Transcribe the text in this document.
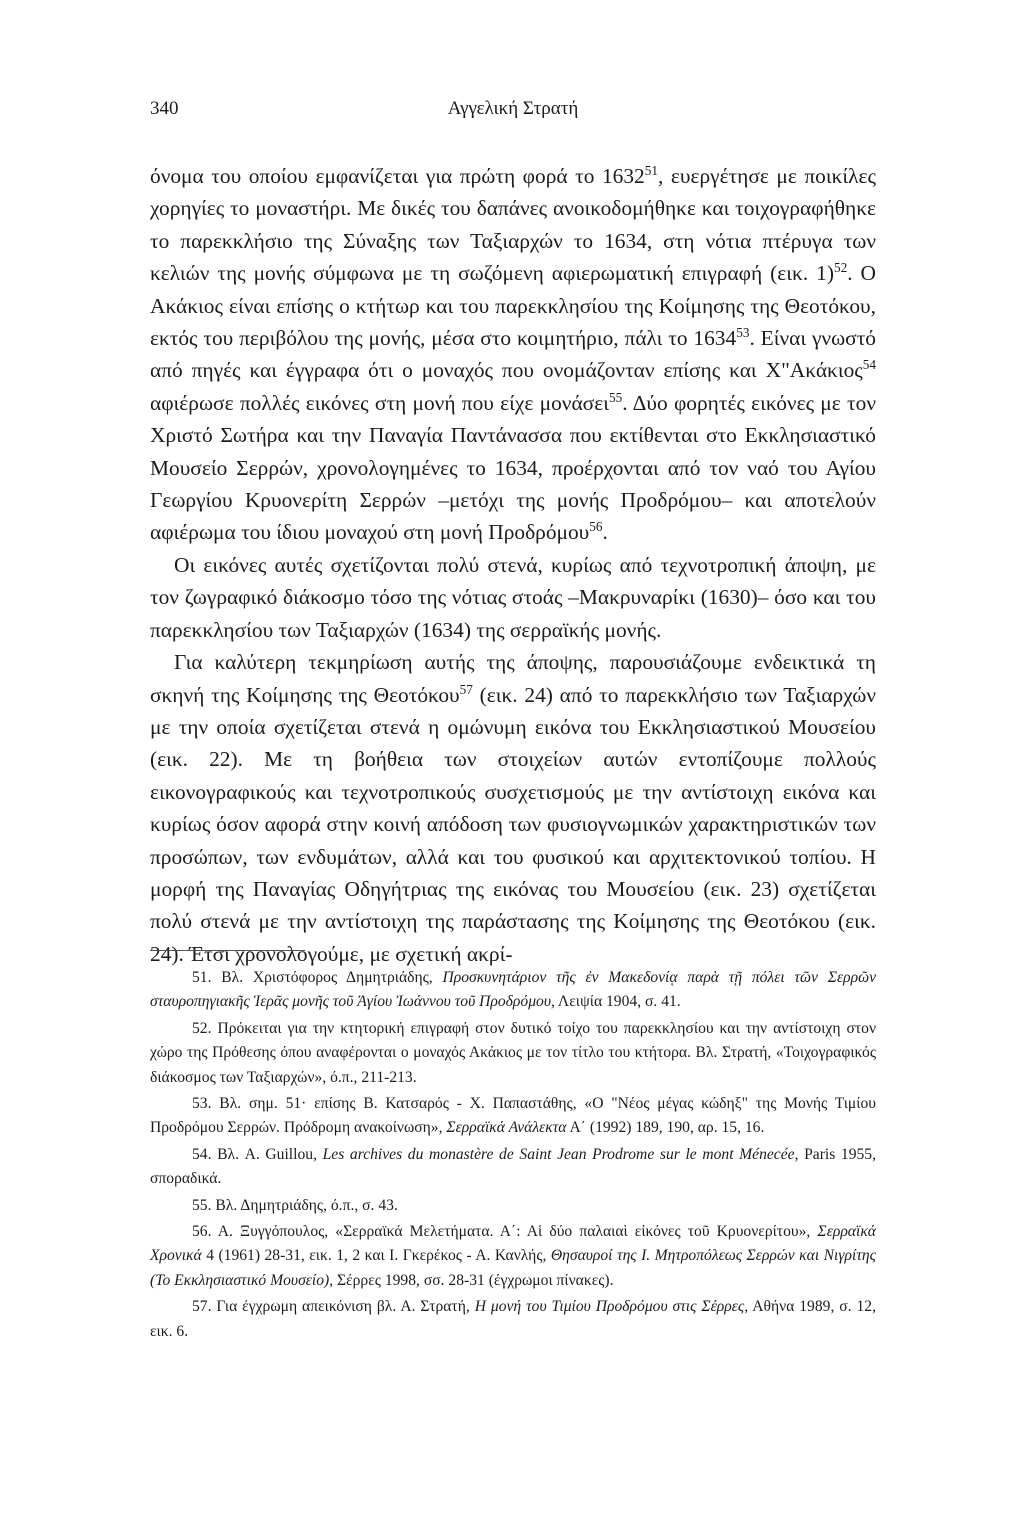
340	Αγγελική Στρατή

όνομα του οποίου εμφανίζεται για πρώτη φορά το 1632$^{51}$, ευεργέτησε με ποικίλες χορηγίες το μοναστήρι. Με δικές του δαπάνες ανοικοδομήθηκε και τοιχογραφήθηκε το παρεκκλήσιο της Σύναξης των Ταξιαρχών το 1634, στη νότια πτέρυγα των κελιών της μονής σύμφωνα με τη σωζόμενη αφιερωματική επιγραφή (εικ. 1)$^{52}$. Ο Ακάκιος είναι επίσης ο κτήτωρ και του παρεκκλησίου της Κοίμησης της Θεοτόκου, εκτός του περιβόλου της μονής, μέσα στο κοιμητήριο, πάλι το 1634$^{53}$. Είναι γνωστό από πηγές και έγγραφα ότι ο μοναχός που ονομάζονταν επίσης και Χ"Ακάκιος$^{54}$ αφιέρωσε πολλές εικόνες στη μονή που είχε μονάσει$^{55}$. Δύο φορητές εικόνες με τον Χριστό Σωτήρα και την Παναγία Παντάνασσα που εκτίθενται στο Εκκλησιαστικό Μουσείο Σερρών, χρονολογημένες το 1634, προέρχονται από τον ναό του Αγίου Γεωργίου Κρυονερίτη Σερρών –μετόχι της μονής Προδρόμου– και αποτελούν αφιέρωμα του ίδιου μοναχού στη μονή Προδρόμου$^{56}$.

Οι εικόνες αυτές σχετίζονται πολύ στενά, κυρίως από τεχνοτροπική άποψη, με τον ζωγραφικό διάκοσμο τόσο της νότιας στοάς –Μακρυναρίκι (1630)– όσο και του παρεκκλησίου των Ταξιαρχών (1634) της σερραϊκής μονής.

Για καλύτερη τεκμηρίωση αυτής της άποψης, παρουσιάζουμε ενδεικτικά τη σκηνή της Κοίμησης της Θεοτόκου$^{57}$ (εικ. 24) από το παρεκκλήσιο των Ταξιαρχών με την οποία σχετίζεται στενά η ομώνυμη εικόνα του Εκκλησιαστικού Μουσείου (εικ. 22). Με τη βοήθεια των στοιχείων αυτών εντοπίζουμε πολλούς εικονογραφικούς και τεχνοτροπικούς συσχετισμούς με την αντίστοιχη εικόνα και κυρίως όσον αφορά στην κοινή απόδοση των φυσιογνωμικών χαρακτηριστικών των προσώπων, των ενδυμάτων, αλλά και του φυσικού και αρχιτεκτονικού τοπίου. Η μορφή της Παναγίας Οδηγήτριας της εικόνας του Μουσείου (εικ. 23) σχετίζεται πολύ στενά με την αντίστοιχη της παράστασης της Κοίμησης της Θεοτόκου (εικ. 24). Έτσι χρονολογούμε, με σχετική ακρί-

51. Βλ. Χριστόφορος Δημητριάδης, Προσκυνητάριον τῆς ἐν Μακεδονίᾳ παρὰ τῇ πόλει τῶν Σερρῶν σταυροπηγιακῆς Ἱερᾶς μονῆς τοῦ Ἁγίου Ἰωάννου τοῦ Προδρόμου, Λειψία 1904, σ. 41.

52. Πρόκειται για την κτητορική επιγραφή στον δυτικό τοίχο του παρεκκλησίου και την αντίστοιχη στον χώρο της Πρόθεσης όπου αναφέρονται ο μοναχός Ακάκιος με τον τίτλο του κτήτορα. Βλ. Στρατή, «Τοιχογραφικός διάκοσμος των Ταξιαρχών», ό.π., 211-213.

53. Βλ. σημ. 51· επίσης Β. Κατσαρός - Χ. Παπαστάθης, «Ο "Νέος μέγας κώδηξ" της Μονής Τιμίου Προδρόμου Σερρών. Πρόδρομη ανακοίνωση», Σερραϊκά Ανάλεκτα Α΄ (1992) 189, 190, αρ. 15, 16.

54. Βλ. A. Guillou, Les archives du monastère de Saint Jean Prodrome sur le mont Ménecée, Paris 1955, σποραδικά.

55. Βλ. Δημητριάδης, ό.π., σ. 43.

56. Α. Ξυγγόπουλος, «Σερραϊκά Μελετήματα. Α΄: Αἱ δύο παλαιαὶ εἰκόνες τοῦ Κρυονερίτου», Σερραϊκά Χρονικά 4 (1961) 28-31, εικ. 1, 2 και Ι. Γκερέκος - Α. Κανλής, Θησαυροί της Ι. Μητροπόλεως Σερρών και Νιγρίτης (Το Εκκλησιαστικό Μουσείο), Σέρρες 1998, σσ. 28-31 (έγχρωμοι πίνακες).

57. Για έγχρωμη απεικόνιση βλ. Α. Στρατή, Η μονή του Τιμίου Προδρόμου στις Σέρρες, Αθήνα 1989, σ. 12, εικ. 6.
